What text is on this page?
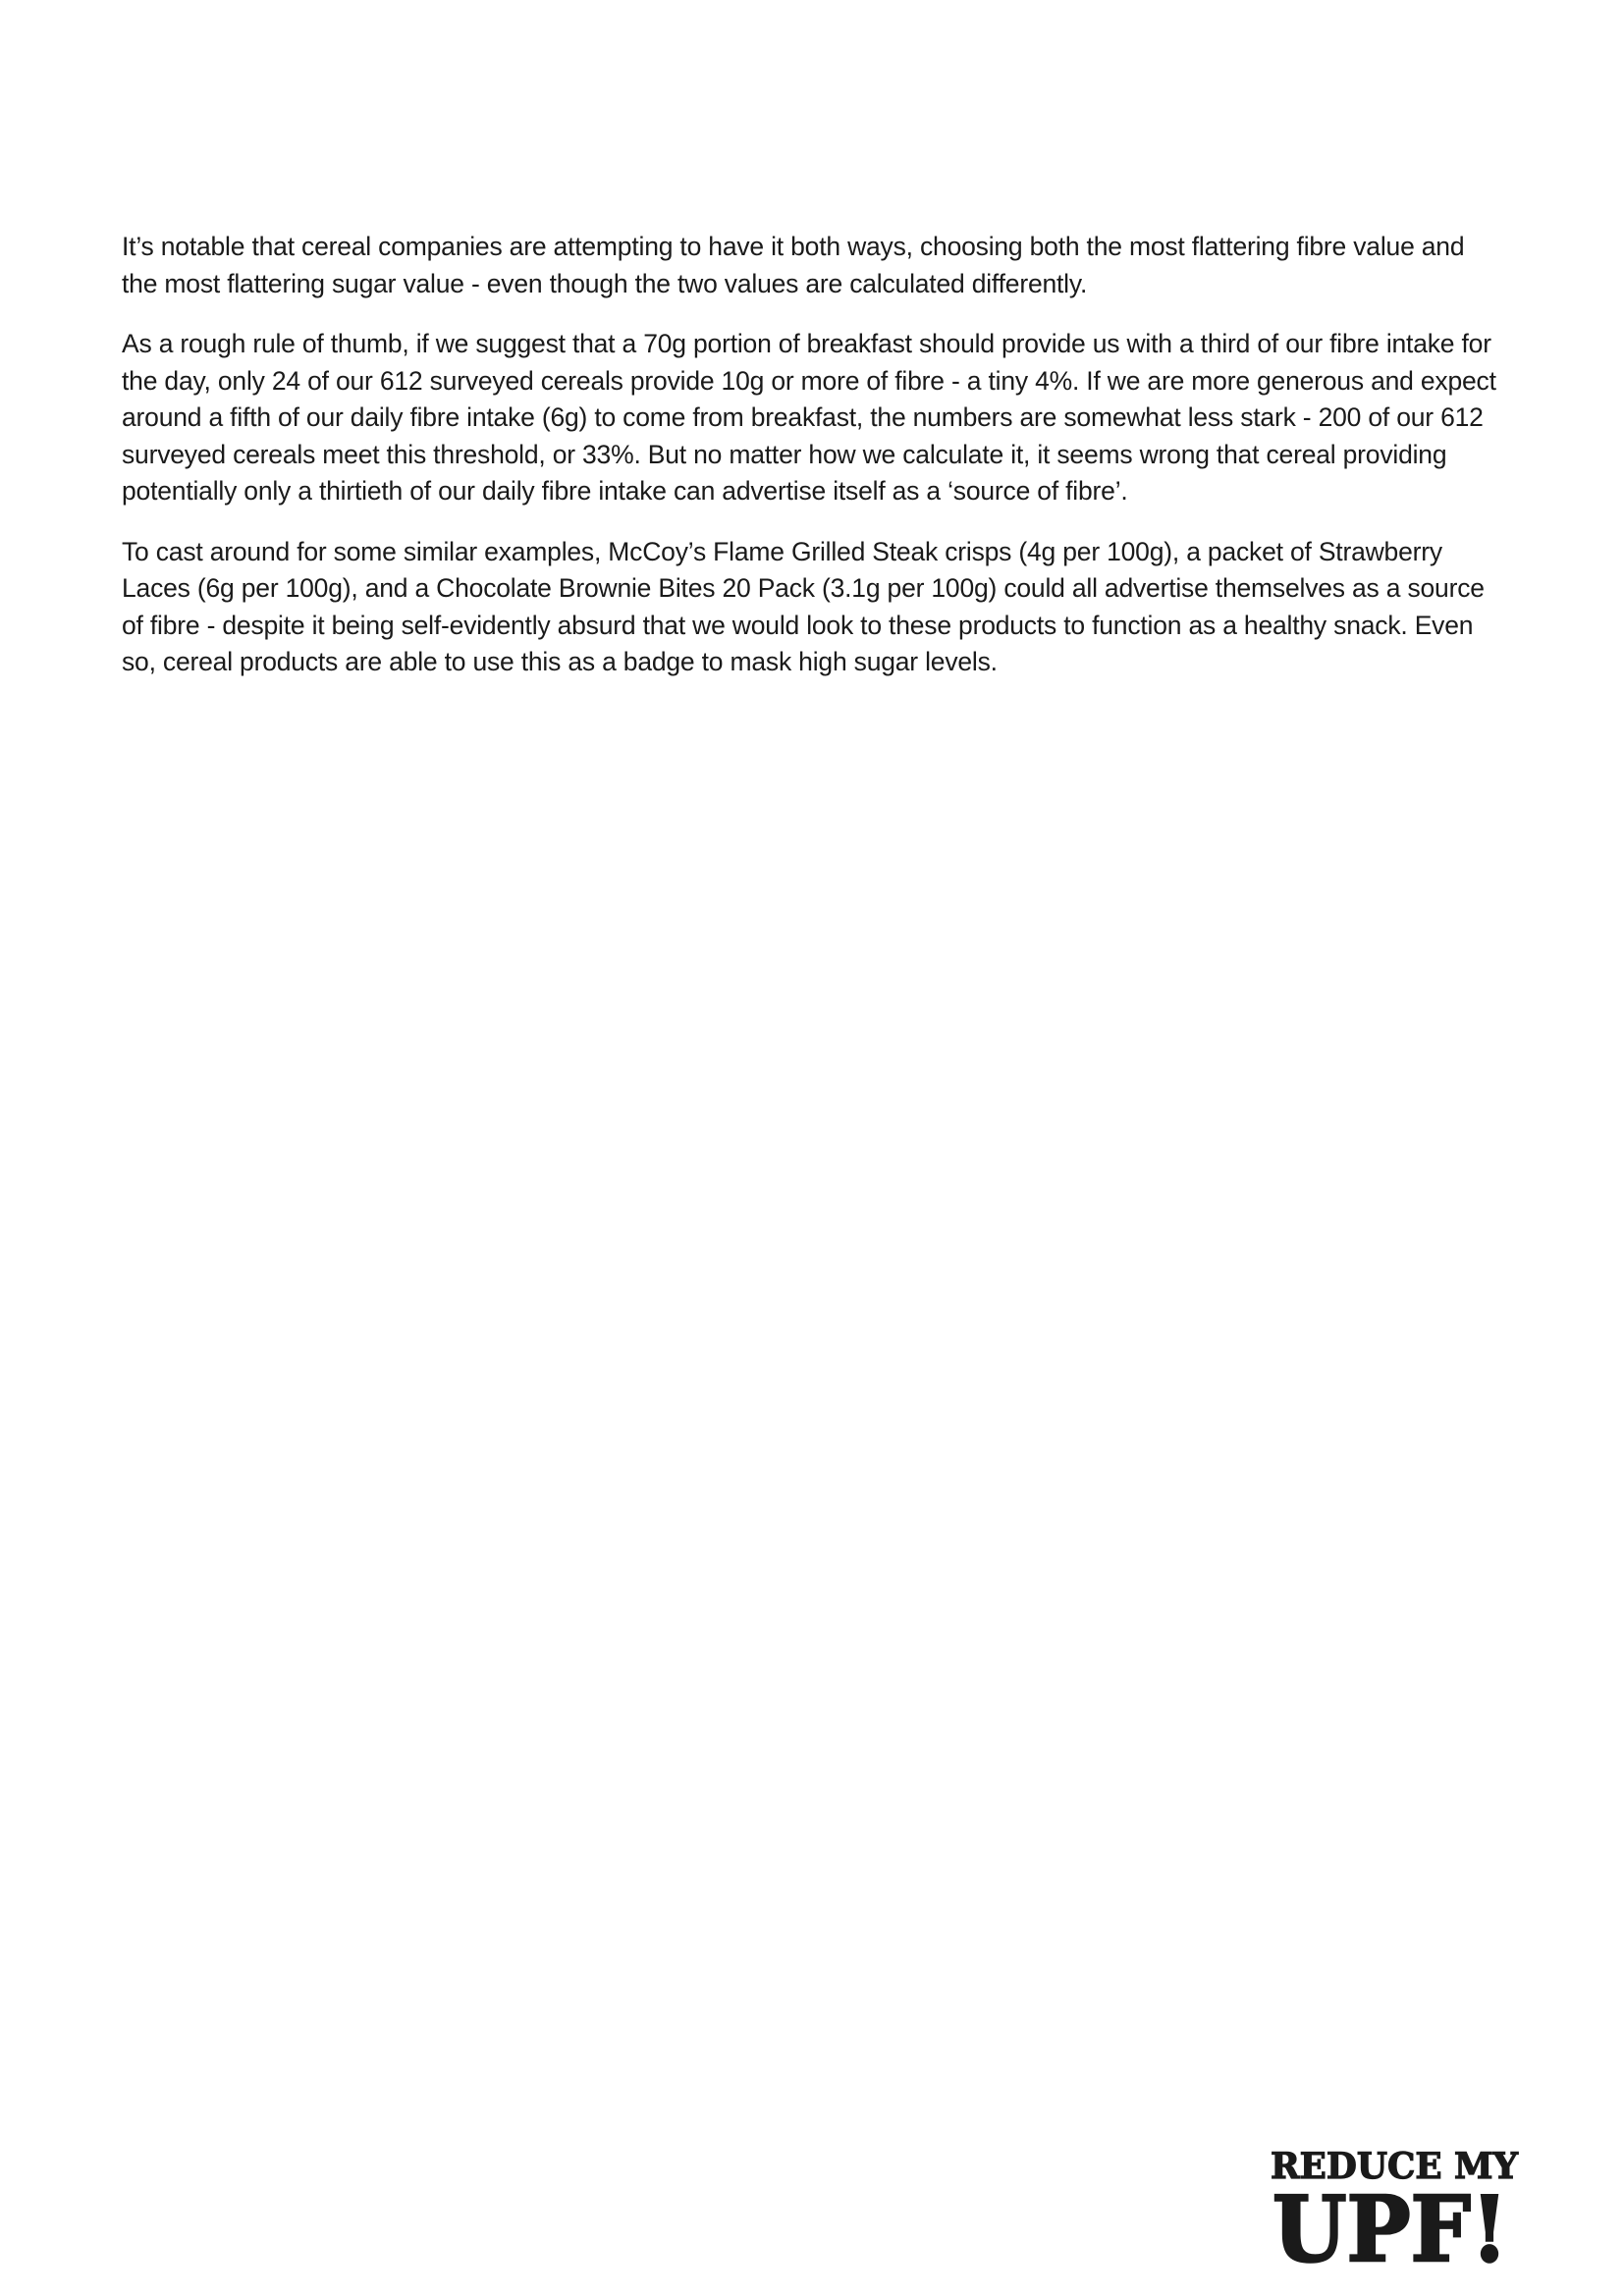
It’s notable that cereal companies are attempting to have it both ways, choosing both the most flattering fibre value and the most flattering sugar value - even though the two values are calculated differently.

As a rough rule of thumb, if we suggest that a 70g portion of breakfast should provide us with a third of our fibre intake for the day, only 24 of our 612 surveyed cereals provide 10g or more of fibre - a tiny 4%. If we are more generous and expect around a fifth of our daily fibre intake (6g) to come from breakfast, the numbers are somewhat less stark - 200 of our 612 surveyed cereals meet this threshold, or 33%. But no matter how we calculate it, it seems wrong that cereal providing potentially only a thirtieth of our daily fibre intake can advertise itself as a ‘source of fibre’.

To cast around for some similar examples, McCoy’s Flame Grilled Steak crisps (4g per 100g), a packet of Strawberry Laces (6g per 100g), and a Chocolate Brownie Bites 20 Pack (3.1g per 100g) could all advertise themselves as a source of fibre - despite it being self-evidently absurd that we would look to these products to function as a healthy snack. Even so, cereal products are able to use this as a badge to mask high sugar levels.

REDUCE MY
UPF!
